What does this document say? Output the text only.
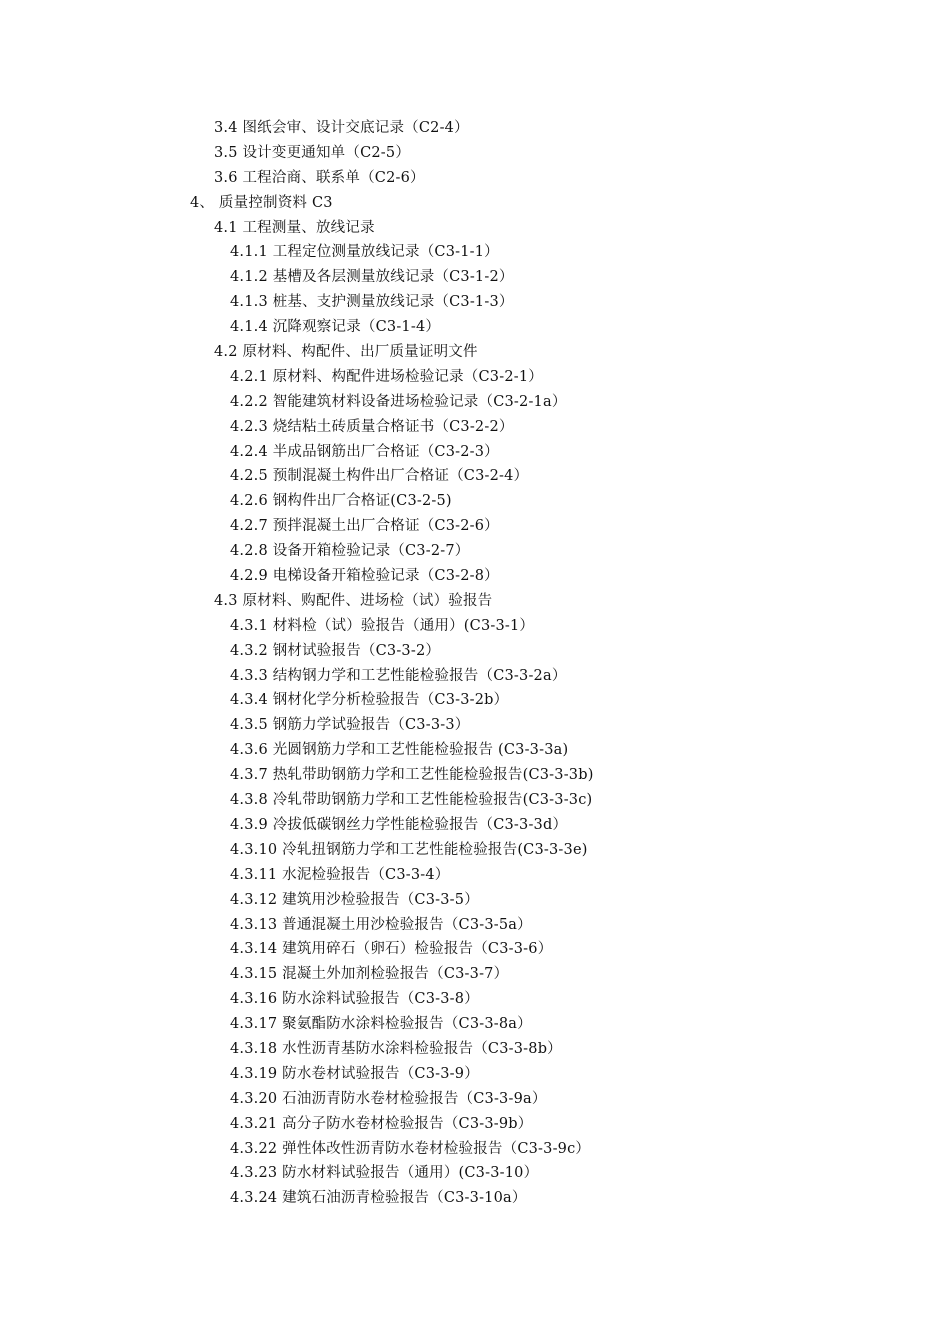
3.4 图纸会审、设计交底记录（C2-4）
3.5 设计变更通知单（C2-5）
3.6 工程洽商、联系单（C2-6）
4、 质量控制资料 C3
4.1 工程测量、放线记录
4.1.1 工程定位测量放线记录（C3-1-1）
4.1.2 基槽及各层测量放线记录（C3-1-2）
4.1.3 桩基、支护测量放线记录（C3-1-3）
4.1.4 沉降观察记录（C3-1-4）
4.2 原材料、构配件、出厂质量证明文件
4.2.1 原材料、构配件进场检验记录（C3-2-1）
4.2.2 智能建筑材料设备进场检验记录（C3-2-1a）
4.2.3 烧结粘土砖质量合格证书（C3-2-2）
4.2.4 半成品钢筋出厂合格证（C3-2-3）
4.2.5 预制混凝土构件出厂合格证（C3-2-4）
4.2.6 钢构件出厂合格证(C3-2-5)
4.2.7 预拌混凝土出厂合格证（C3-2-6）
4.2.8 设备开箱检验记录（C3-2-7）
4.2.9 电梯设备开箱检验记录（C3-2-8）
4.3 原材料、购配件、进场检（试）验报告
4.3.1 材料检（试）验报告（通用）(C3-3-1）
4.3.2 钢材试验报告（C3-3-2）
4.3.3 结构钢力学和工艺性能检验报告（C3-3-2a）
4.3.4 钢材化学分析检验报告（C3-3-2b）
4.3.5 钢筋力学试验报告（C3-3-3）
4.3.6 光圆钢筋力学和工艺性能检验报告 (C3-3-3a)
4.3.7 热轧带助钢筋力学和工艺性能检验报告(C3-3-3b)
4.3.8 冷轧带助钢筋力学和工艺性能检验报告(C3-3-3c)
4.3.9 冷拔低碳钢丝力学性能检验报告（C3-3-3d）
4.3.10 冷轧扭钢筋力学和工艺性能检验报告(C3-3-3e)
4.3.11 水泥检验报告（C3-3-4）
4.3.12 建筑用沙检验报告（C3-3-5）
4.3.13 普通混凝土用沙检验报告（C3-3-5a）
4.3.14 建筑用碎石（卵石）检验报告（C3-3-6）
4.3.15 混凝土外加剂检验报告（C3-3-7）
4.3.16 防水涂料试验报告（C3-3-8）
4.3.17 聚氨酯防水涂料检验报告（C3-3-8a）
4.3.18 水性沥青基防水涂料检验报告（C3-3-8b）
4.3.19 防水卷材试验报告（C3-3-9）
4.3.20 石油沥青防水卷材检验报告（C3-3-9a）
4.3.21 高分子防水卷材检验报告（C3-3-9b）
4.3.22 弹性体改性沥青防水卷材检验报告（C3-3-9c）
4.3.23 防水材料试验报告（通用）(C3-3-10）
4.3.24 建筑石油沥青检验报告（C3-3-10a）
